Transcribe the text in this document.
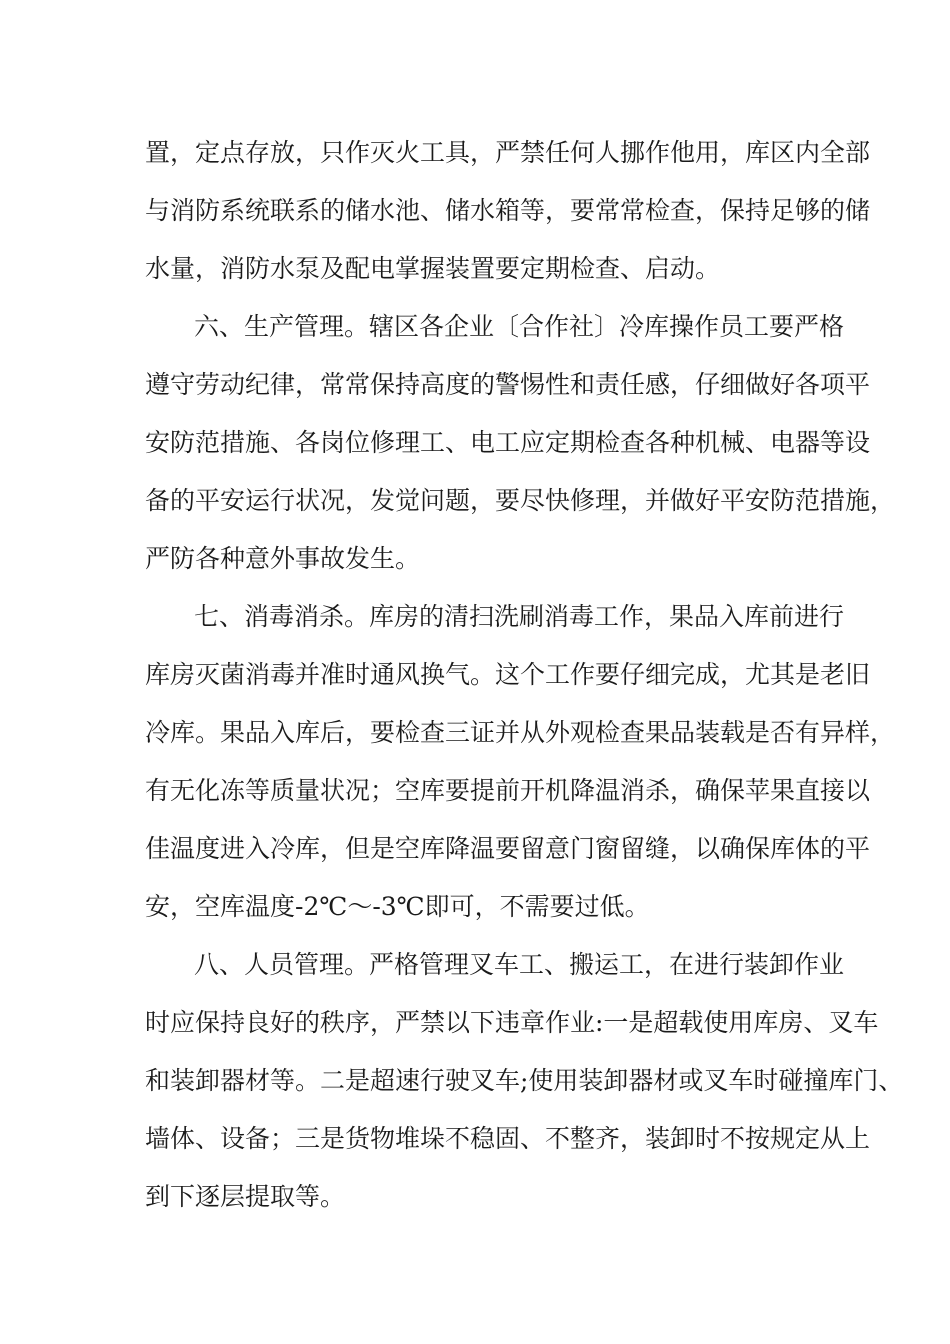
置，定点存放，只作灭火工具，严禁任何人挪作他用，库区内全部
与消防系统联系的储水池、储水箱等，要常常检查，保持足够的储
水量，消防水泵及配电掌握装置要定期检查、启动。
六、生产管理。辖区各企业〔合作社〕冷库操作员工要严格
遵守劳动纪律，常常保持高度的警惕性和责任感，仔细做好各项平
安防范措施、各岗位修理工、电工应定期检查各种机械、电器等设
备的平安运行状况，发觉问题，要尽快修理，并做好平安防范措施，
严防各种意外事故发生。
七、消毒消杀。库房的清扫洗刷消毒工作，果品入库前进行
库房灭菌消毒并准时通风换气。这个工作要仔细完成，尤其是老旧
冷库。果品入库后，要检查三证并从外观检查果品装载是否有异样，
有无化冻等质量状况；空库要提前开机降温消杀，确保苹果直接以
佳温度进入冷库，但是空库降温要留意门窗留缝，以确保库体的平
安，空库温度-2℃～-3℃即可，不需要过低。
八、人员管理。严格管理叉车工、搬运工，在进行装卸作业
时应保持良好的秩序，严禁以下违章作业:一是超载使用库房、叉车
和装卸器材等。二是超速行驶叉车;使用装卸器材或叉车时碰撞库门、
墙体、设备；三是货物堆垛不稳固、不整齐，装卸时不按规定从上
到下逐层提取等。
